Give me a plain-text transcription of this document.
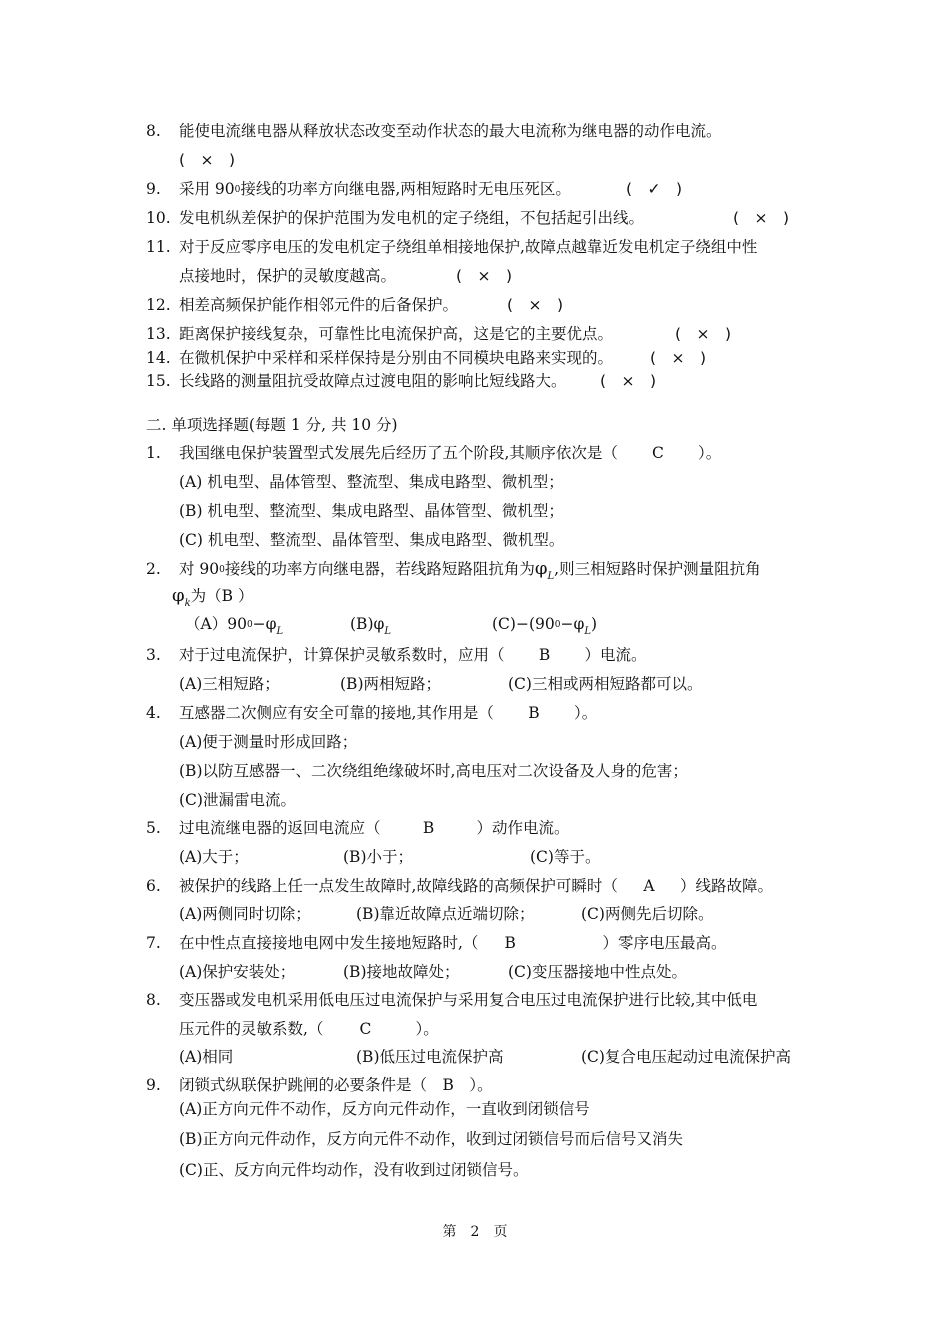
8. 能使电流继电器从释放状态改变至动作状态的最大电流称为继电器的动作电流。
(　×　)
9. 采用 $90^0$接线的功率方向继电器,两相短路时无电压死区。	(　✓　)
10. 发电机纵差保护的保护范围为发电机的定子绕组，不包括起引出线。	(　×　)
11. 对于反应零序电压的发电机定子绕组单相接地保护,故障点越靠近发电机定子绕组中性
点接地时，保护的灵敏度越高。	(　×　)
12. 相差高频保护能作相邻元件的后备保护。	(　×　)
13. 距离保护接线复杂，可靠性比电流保护高，这是它的主要优点。	(　×　)
14. 在微机保护中采样和采样保持是分别由不同模块电路来实现的。 (　×　)
15. 长线路的测量阻抗受故障点过渡电阻的影响比短线路大。 (　×　)
二. 单项选择题(每题 1 分, 共 10 分)
1. 我国继电保护装置型式发展先后经历了五个阶段,其顺序依次是（ C ）。
(A) 机电型、晶体管型、整流型、集成电路型、微机型；
(B) 机电型、整流型、集成电路型、晶体管型、微机型；
(C) 机电型、整流型、晶体管型、集成电路型、微机型。
2. 对 $90^0$接线的功率方向继电器，若线路短路阻抗角为$\varphi_L$,则三相短路时保护测量阻抗角
$\varphi_k$为（B ）
$(A)90^0-\varphi_L$	$(B)\varphi_L$	$(C)-(90^0-\varphi_L)$
3. 对于过电流保护，计算保护灵敏系数时，应用（ B ）电流。
(A)三相短路；	(B)两相短路；	(C)三相或两相短路都可以。
4. 互感器二次侧应有安全可靠的接地,其作用是（ B ）。
(A)便于测量时形成回路；
(B)以防互感器一、二次绕组绝缘破坏时,高电压对二次设备及人身的危害；
(C)泄漏雷电流。
5. 过电流继电器的返回电流应（	B	）动作电流。
(A)大于；	(B)小于；	(C)等于。
6. 被保护的线路上任一点发生故障时,故障线路的高频保护可瞬时（ A ）线路故障。
(A)两侧同时切除；	(B)靠近故障点近端切除；	(C)两侧先后切除。
7. 在中性点直接接地电网中发生接地短路时,（ B	）零序电压最高。
(A)保护安装处；	(B)接地故障处；	(C)变压器接地中性点处。
8. 变压器或发电机采用低电压过电流保护与采用复合电压过电流保护进行比较,其中低电
压元件的灵敏系数,（ C	）。
(A)相同	(B)低压过电流保护高	(C)复合电压起动过电流保护高
9. 闭锁式纵联保护跳闸的必要条件是（　B　）。
(A)正方向元件不动作，反方向元件动作，一直收到闭锁信号
(B)正方向元件动作，反方向元件不动作，收到过闭锁信号而后信号又消失
(C)正、反方向元件均动作，没有收到过闭锁信号。
第　2　页
